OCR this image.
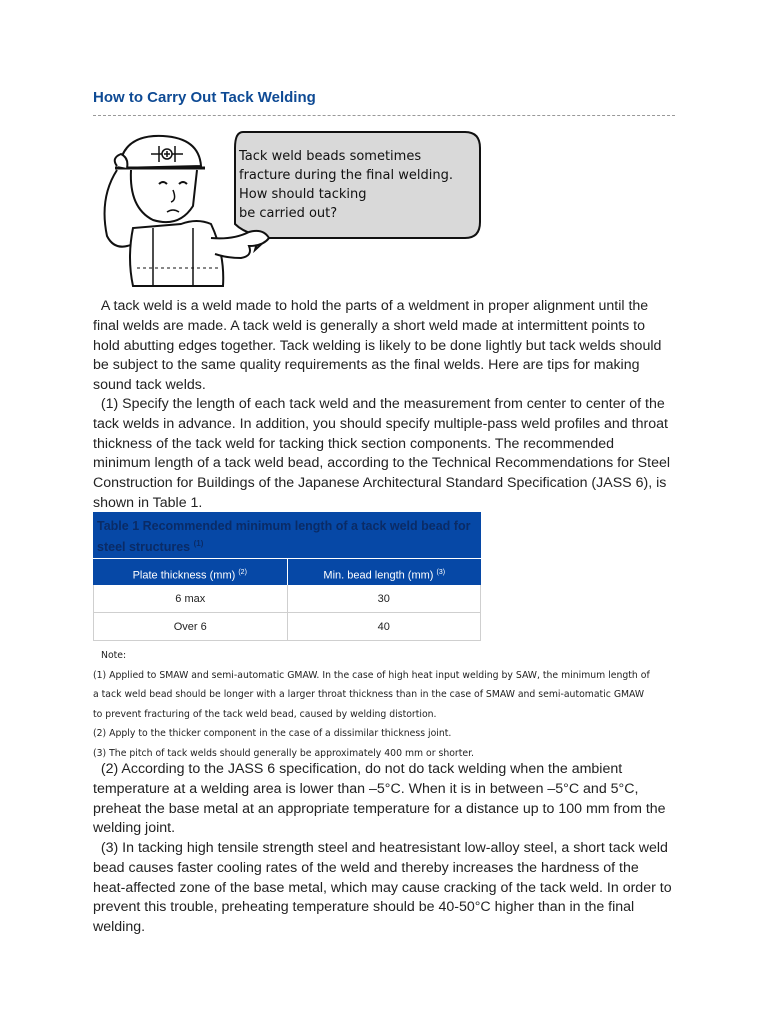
How to Carry Out Tack Welding
Tack weld beads sometimes
fracture during the final welding.
How should tacking
be carried out?
A tack weld is a weld made to hold the parts of a weldment in proper alignment until the final welds are made. A tack weld is generally a short weld made at intermittent points to hold abutting edges together. Tack welding is likely to be done lightly but tack welds should be subject to the same quality requirements as the final welds. Here are tips for making sound tack welds.
(1) Specify the length of each tack weld and the measurement from center to center of the tack welds in advance. In addition, you should specify multiple-pass weld profiles and throat thickness of the tack weld for tacking thick section components. The recommended minimum length of a tack weld bead, according to the Technical Recommendations for Steel Construction for Buildings of the Japanese Architectural Standard Specification (JASS 6), is shown in Table 1.
Table 1 Recommended minimum length of a tack weld bead for steel structures $^{(1)}$
Plate thickness (mm) $^{(2)}$	Min. bead length (mm) $^{(3)}$
6 max	30
Over 6	40
Note:
(1) Applied to SMAW and semi-automatic GMAW. In the case of high heat input welding by SAW, the minimum length of
a tack weld bead should be longer with a larger throat thickness than in the case of SMAW and semi-automatic GMAW
to prevent fracturing of the tack weld bead, caused by welding distortion.
(2) Apply to the thicker component in the case of a dissimilar thickness joint.
(3) The pitch of tack welds should generally be approximately 400 mm or shorter.
(2) According to the JASS 6 specification, do not do tack welding when the ambient temperature at a welding area is lower than –5°C. When it is in between –5°C and 5°C, preheat the base metal at an appropriate temperature for a distance up to 100 mm from the welding joint.
(3) In tacking high tensile strength steel and heatresistant low-alloy steel, a short tack weld bead causes faster cooling rates of the weld and thereby increases the hardness of the heat-affected zone of the base metal, which may cause cracking of the tack weld. In order to prevent this trouble, preheating temperature should be 40-50°C higher than in the final welding.
